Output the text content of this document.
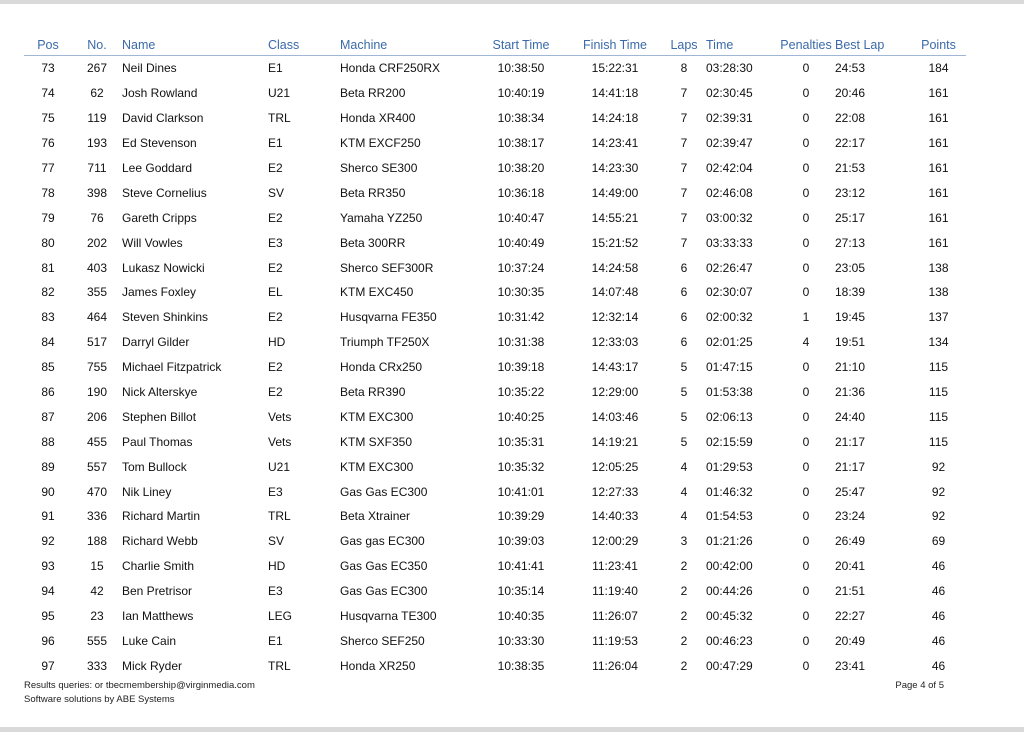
Pos	No.	Name	Class	Machine	Start Time	Finish Time	Laps	Time	Penalties	Best Lap	Points
73	267	Neil Dines	E1	Honda CRF250RX	10:38:50	15:22:31	8	03:28:30	0	24:53	184
74	62	Josh Rowland	U21	Beta RR200	10:40:19	14:41:18	7	02:30:45	0	20:46	161
75	119	David Clarkson	TRL	Honda XR400	10:38:34	14:24:18	7	02:39:31	0	22:08	161
76	193	Ed Stevenson	E1	KTM EXCF250	10:38:17	14:23:41	7	02:39:47	0	22:17	161
77	711	Lee Goddard	E2	Sherco SE300	10:38:20	14:23:30	7	02:42:04	0	21:53	161
78	398	Steve Cornelius	SV	Beta RR350	10:36:18	14:49:00	7	02:46:08	0	23:12	161
79	76	Gareth Cripps	E2	Yamaha YZ250	10:40:47	14:55:21	7	03:00:32	0	25:17	161
80	202	Will Vowles	E3	Beta 300RR	10:40:49	15:21:52	7	03:33:33	0	27:13	161
81	403	Lukasz Nowicki	E2	Sherco SEF300R	10:37:24	14:24:58	6	02:26:47	0	23:05	138
82	355	James Foxley	EL	KTM EXC450	10:30:35	14:07:48	6	02:30:07	0	18:39	138
83	464	Steven Shinkins	E2	Husqvarna FE350	10:31:42	12:32:14	6	02:00:32	1	19:45	137
84	517	Darryl Gilder	HD	Triumph TF250X	10:31:38	12:33:03	6	02:01:25	4	19:51	134
85	755	Michael Fitzpatrick	E2	Honda CRx250	10:39:18	14:43:17	5	01:47:15	0	21:10	115
86	190	Nick Alterskye	E2	Beta RR390	10:35:22	12:29:00	5	01:53:38	0	21:36	115
87	206	Stephen Billot	Vets	KTM EXC300	10:40:25	14:03:46	5	02:06:13	0	24:40	115
88	455	Paul Thomas	Vets	KTM SXF350	10:35:31	14:19:21	5	02:15:59	0	21:17	115
89	557	Tom Bullock	U21	KTM EXC300	10:35:32	12:05:25	4	01:29:53	0	21:17	92
90	470	Nik Liney	E3	Gas Gas EC300	10:41:01	12:27:33	4	01:46:32	0	25:47	92
91	336	Richard Martin	TRL	Beta Xtrainer	10:39:29	14:40:33	4	01:54:53	0	23:24	92
92	188	Richard Webb	SV	Gas gas EC300	10:39:03	12:00:29	3	01:21:26	0	26:49	69
93	15	Charlie Smith	HD	Gas Gas EC350	10:41:41	11:23:41	2	00:42:00	0	20:41	46
94	42	Ben Pretrisor	E3	Gas Gas EC300	10:35:14	11:19:40	2	00:44:26	0	21:51	46
95	23	Ian Matthews	LEG	Husqvarna TE300	10:40:35	11:26:07	2	00:45:32	0	22:27	46
96	555	Luke Cain	E1	Sherco SEF250	10:33:30	11:19:53	2	00:46:23	0	20:49	46
97	333	Mick Ryder	TRL	Honda XR250	10:38:35	11:26:04	2	00:47:29	0	23:41	46
Results queries: or tbecmembership@virginmedia.com
Software solutions by ABE Systems
Page 4 of 5
